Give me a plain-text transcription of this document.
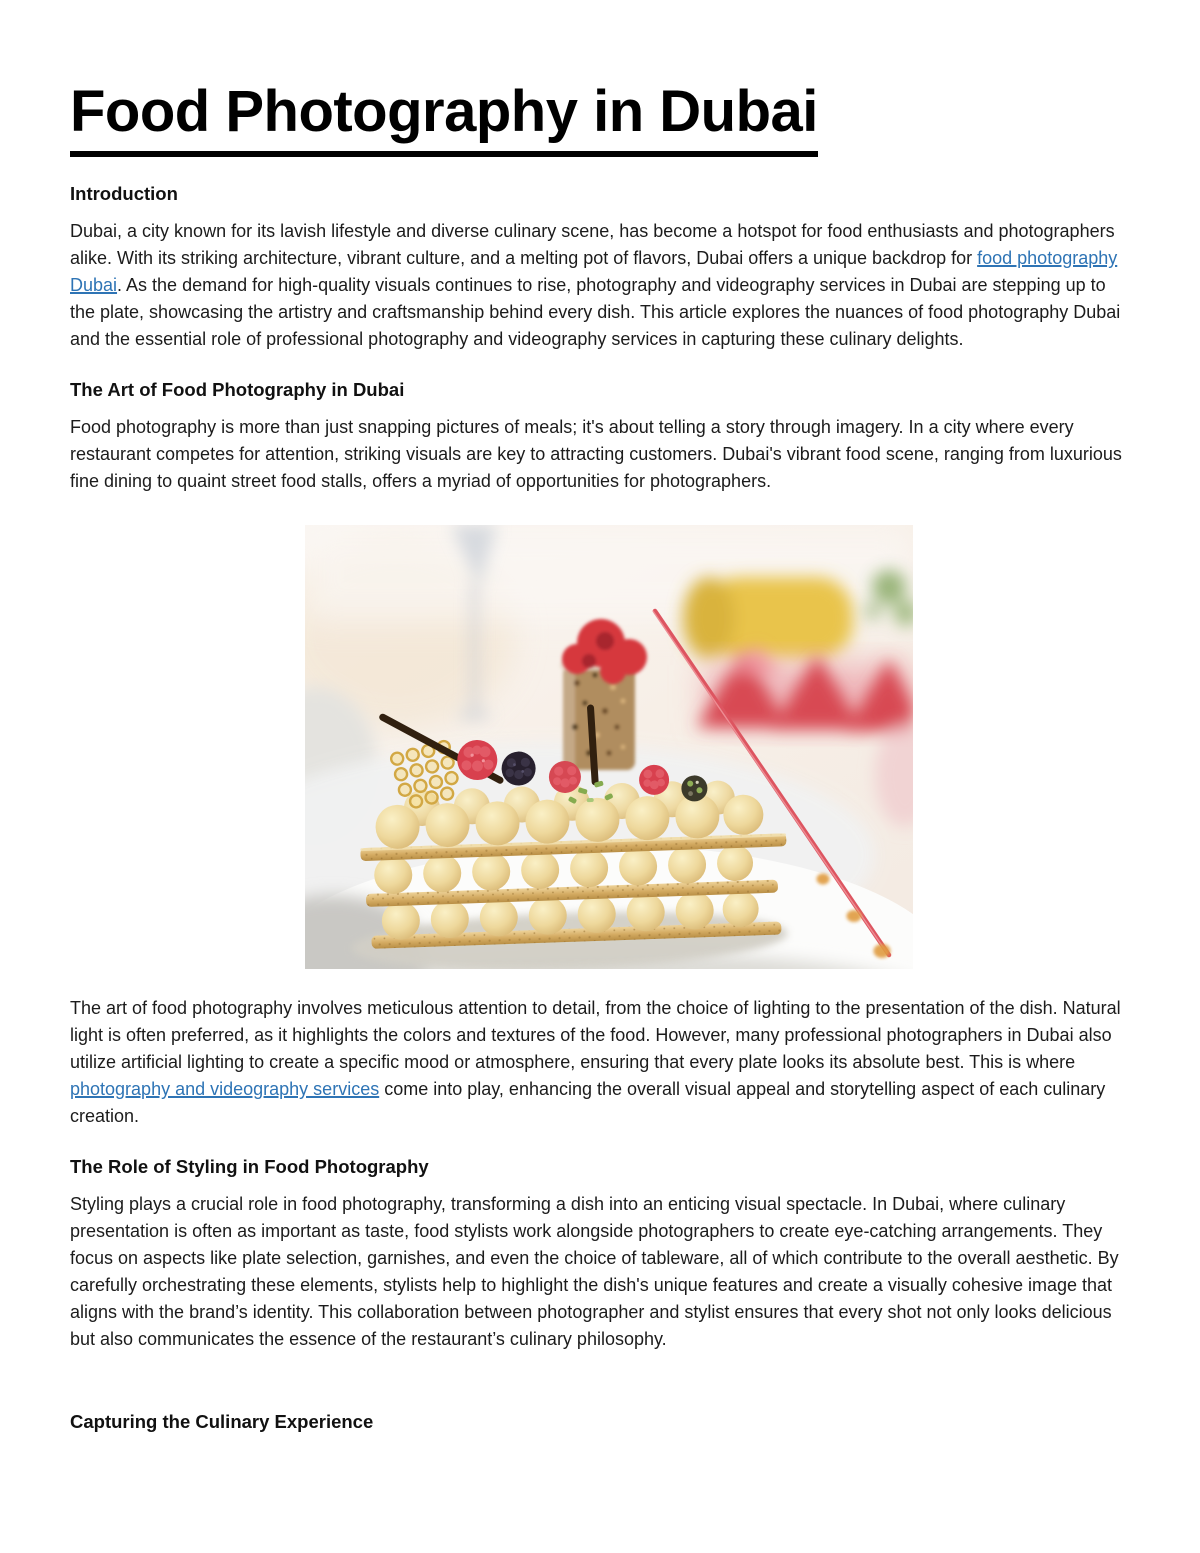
Food Photography in Dubai
Introduction

Dubai, a city known for its lavish lifestyle and diverse culinary scene, has become a hotspot for food enthusiasts and photographers alike. With its striking architecture, vibrant culture, and a melting pot of flavors, Dubai offers a unique backdrop for food photography Dubai. As the demand for high-quality visuals continues to rise, photography and videography services in Dubai are stepping up to the plate, showcasing the artistry and craftsmanship behind every dish. This article explores the nuances of food photography Dubai and the essential role of professional photography and videography services in capturing these culinary delights.

The Art of Food Photography in Dubai

Food photography is more than just snapping pictures of meals; it's about telling a story through imagery. In a city where every restaurant competes for attention, striking visuals are key to attracting customers. Dubai's vibrant food scene, ranging from luxurious fine dining to quaint street food stalls, offers a myriad of opportunities for photographers.

The art of food photography involves meticulous attention to detail, from the choice of lighting to the presentation of the dish. Natural light is often preferred, as it highlights the colors and textures of the food. However, many professional photographers in Dubai also utilize artificial lighting to create a specific mood or atmosphere, ensuring that every plate looks its absolute best. This is where photography and videography services come into play, enhancing the overall visual appeal and storytelling aspect of each culinary creation.

The Role of Styling in Food Photography

Styling plays a crucial role in food photography, transforming a dish into an enticing visual spectacle. In Dubai, where culinary presentation is often as important as taste, food stylists work alongside photographers to create eye-catching arrangements. They focus on aspects like plate selection, garnishes, and even the choice of tableware, all of which contribute to the overall aesthetic. By carefully orchestrating these elements, stylists help to highlight the dish's unique features and create a visually cohesive image that aligns with the brand’s identity. This collaboration between photographer and stylist ensures that every shot not only looks delicious but also communicates the essence of the restaurant’s culinary philosophy.

Capturing the Culinary Experience
